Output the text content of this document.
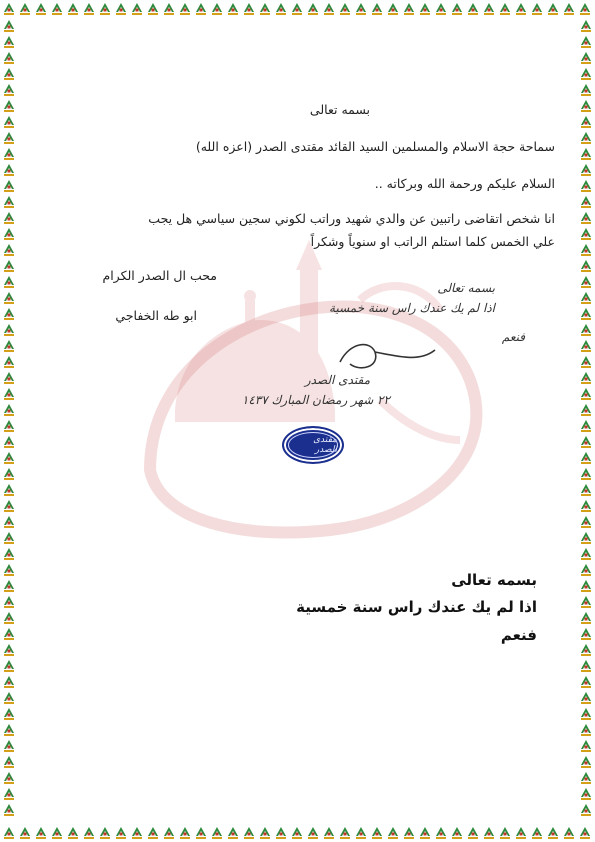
بسمه تعالى
سماحة حجة الاسلام والمسلمين السيد القائد مقتدى الصدر (اعزه الله)
السلام عليكم ورحمة الله وبركاته ..
انا شخص اتقاضى راتبين عن والدي شهيد وراتب لكوني سجين سياسي هل يجب
علي الخمس كلما استلم الراتب او سنوياً وشكراً
محب ال الصدر الكرام
ابو طه الخفاجي
بسمه تعالى
اذا لم يك عندك راس سنة خمسية
فنعم
مقتدى الصدر
٢٢ شهر رمضان المبارك ١٤٣٧
مقتدى الصدر
بسمه تعالى
اذا لم يك عندك راس سنة خمسية
فنعم
